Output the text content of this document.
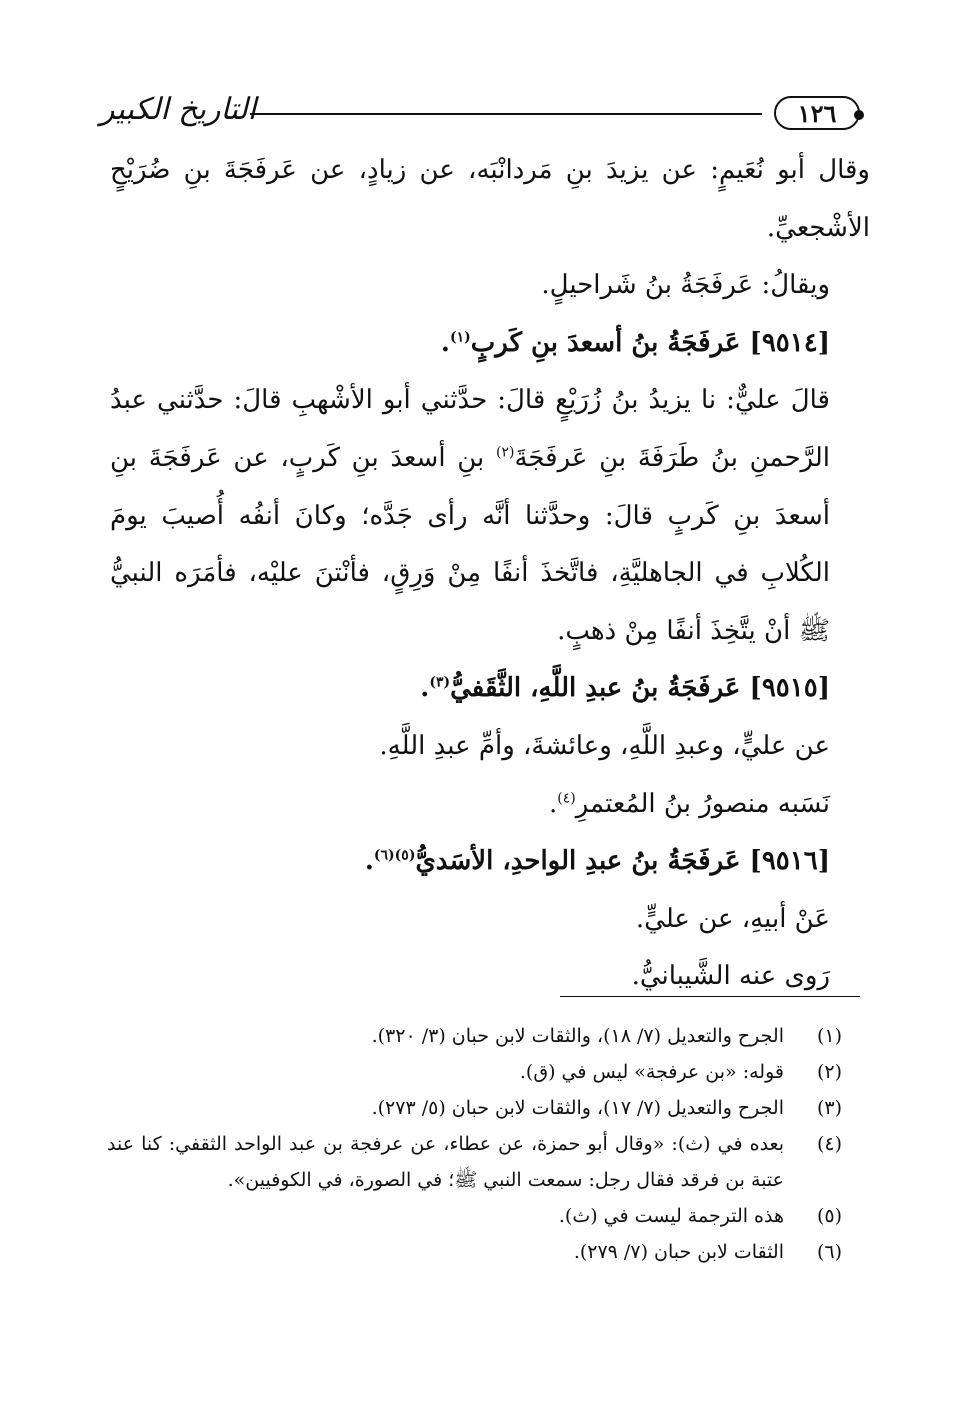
١٢٦
التاريخ الكبير

وقال أبو نُعَيمٍ: عن يزيدَ بنِ مَردانْبَه، عن زيادٍ، عن عَرفَجَةَ بنِ ضُرَيْحٍ الأشْجعيِّ.

ويقالُ: عَرفَجَةُ بنُ شَراحيلٍ.

[٩٥١٤] عَرفَجَةُ بنُ أسعدَ بنِ كَربٍ$^{(١)}$.

قالَ عليٌّ: نا يزيدُ بنُ زُرَيْعٍ قالَ: حدَّثني أبو الأشْهبِ قالَ: حدَّثني عبدُ الرَّحمنِ بنُ طَرَفَةَ بنِ عَرفَجَةَ$^{(٢)}$ بنِ أسعدَ بنِ كَربٍ، عن عَرفَجَةَ بنِ أسعدَ بنِ كَربٍ قالَ: وحدَّثنا أنَّه رأى جَدَّه؛ وكانَ أنفُه أُصيبَ يومَ الكُلابِ في الجاهليَّةِ، فاتَّخذَ أنفًا مِنْ وَرِقٍ، فأنْتنَ عليْه، فأمَرَه النبيُّ ﷺ أنْ يتَّخِذَ أنفًا مِنْ ذهبٍ.

[٩٥١٥] عَرفَجَةُ بنُ عبدِ اللَّهِ، الثَّقَفيُّ$^{(٣)}$.

عن عليٍّ، وعبدِ اللَّهِ، وعائشةَ، وأمِّ عبدِ اللَّهِ.

نَسَبه منصورُ بنُ المُعتمرِ$^{(٤)}$.

[٩٥١٦] عَرفَجَةُ بنُ عبدِ الواحدِ، الأسَديُّ$^{(٥)(٦)}$.

عَنْ أبيهِ، عن عليٍّ.

رَوى عنه الشَّيبانيُّ.

(١)
الجرح والتعديل (٧/ ١٨)، والثقات لابن حبان (٣/ ٣٢٠).
(٢)
قوله: «بن عرفجة» ليس في (ق).
(٣)
الجرح والتعديل (٧/ ١٧)، والثقات لابن حبان (٥/ ٢٧٣).
(٤)
بعده في (ث): «وقال أبو حمزة، عن عطاء، عن عرفجة بن عبد الواحد الثقفي: كنا عند عتبة بن فرقد فقال رجل: سمعت النبي ﷺ؛ في الصورة، في الكوفيين».
(٥)
هذه الترجمة ليست في (ث).
(٦)
الثقات لابن حبان (٧/ ٢٧٩).
